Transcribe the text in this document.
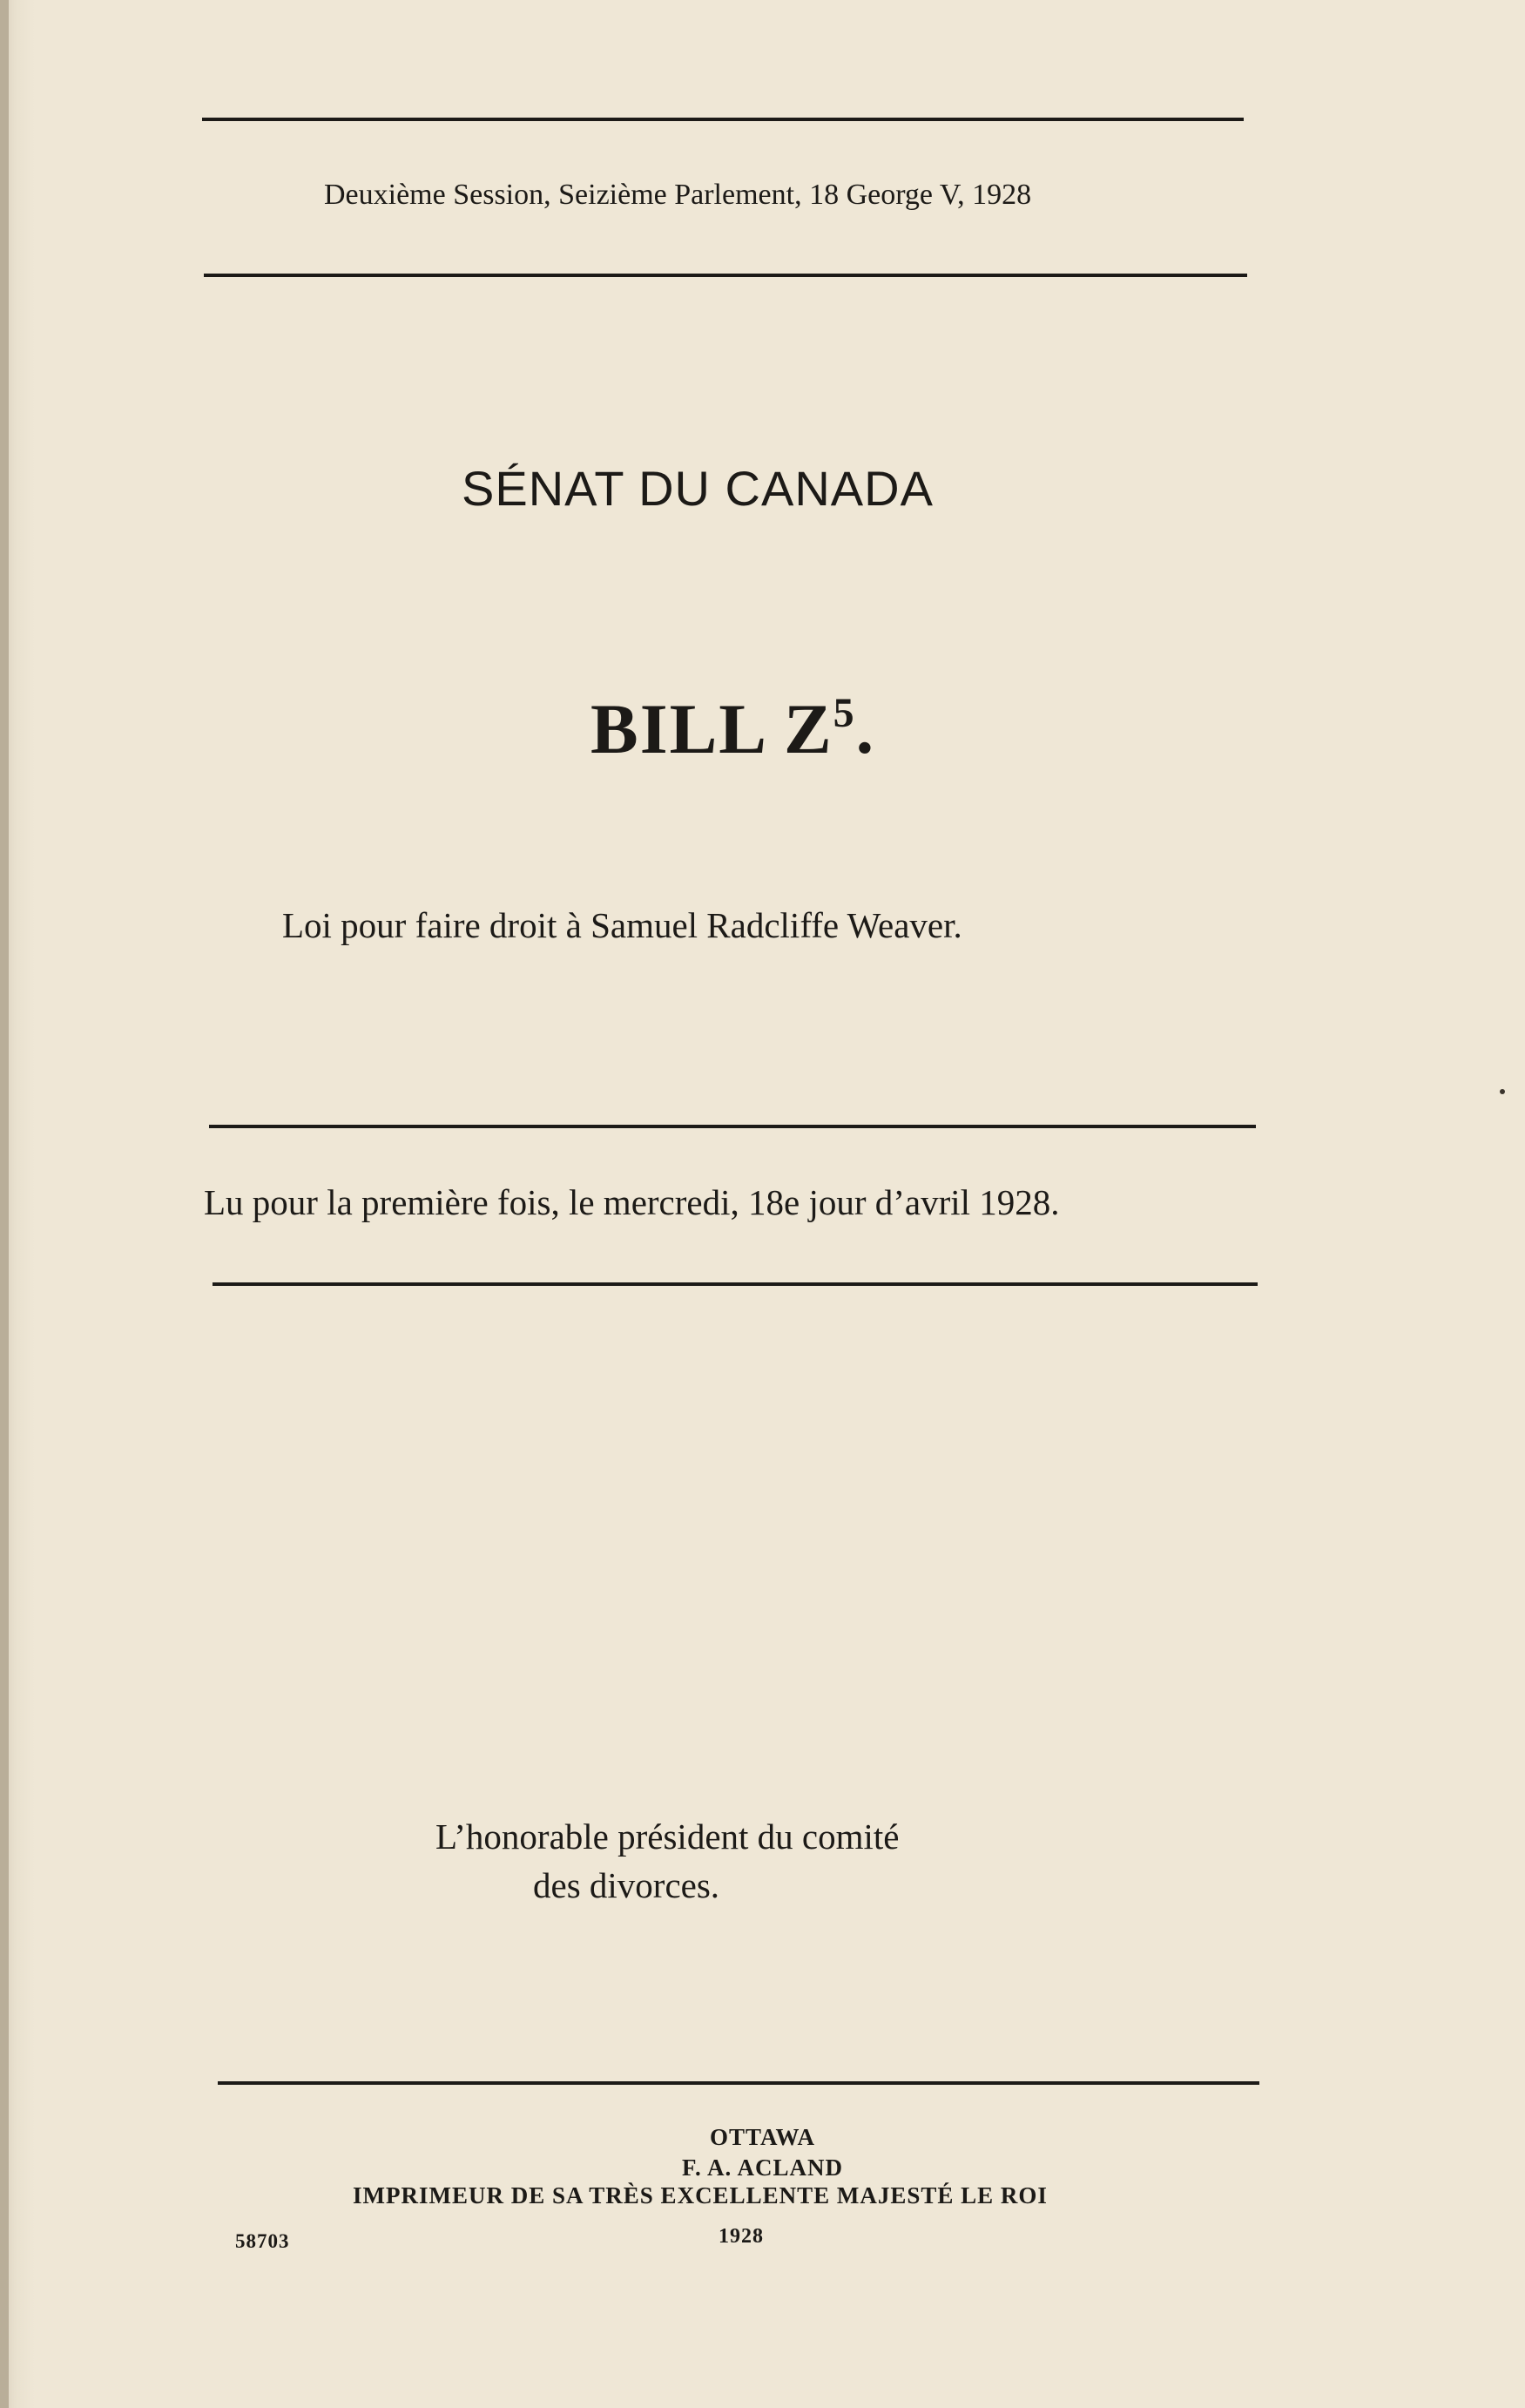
Deuxième Session, Seizième Parlement, 18 George V, 1928
SÉNAT DU CANADA
BILL $Z^5$.
Loi pour faire droit à Samuel Radcliffe Weaver.
Lu pour la première fois, le mercredi, 18e jour d’avril 1928.
L’honorable président du comité
des divorces.
OTTAWA
F. A. ACLAND
IMPRIMEUR DE SA TRÈS EXCELLENTE MAJESTÉ LE ROI
58703	1928
